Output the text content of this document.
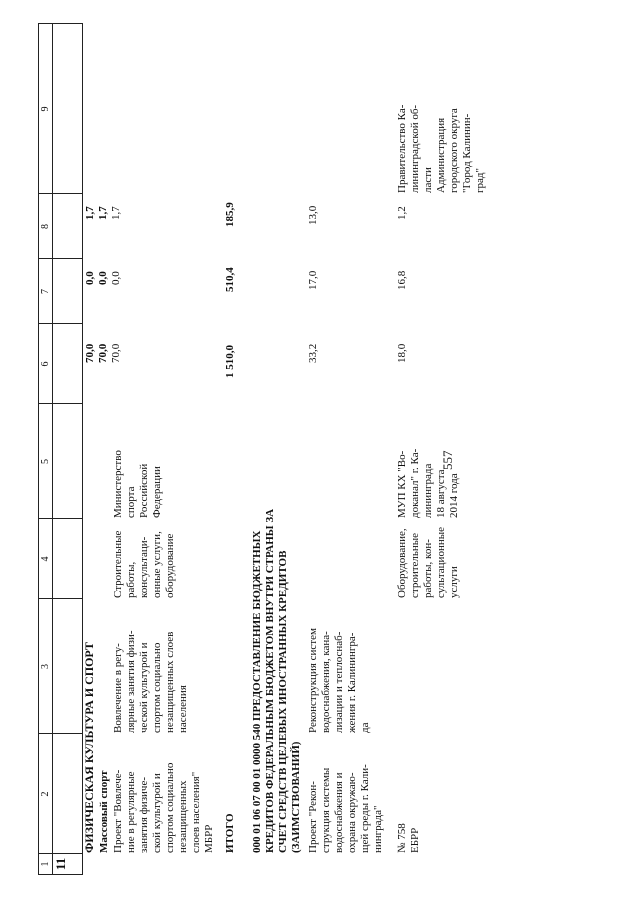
557
1
2
3
4
5
6
7
8
9
11
ФИЗИЧЕСКАЯ КУЛЬТУРА И СПОРТ Массовый спорт Проект "Вовлече- ние в регулярные занятия физиче- ской культурой и спортом социально незащищенных слоев населения" МБРР
Вовлечение в регу- лярные занятия физи- ческой культурой и спортом социально незащищенных слоев населения
Строительные работы, консультаци- онные услуги, оборудование
Министерство спорта Российской Федерации
70,0 70,0 70,0
0,0 0,0 0,0
1,7 1,7 1,7
ИТОГО
1 510,0
510,4
185,9
000 01 06 07 00 01 0000 540 ПРЕДОСТАВЛЕНИЕ БЮДЖЕТНЫХ КРЕДИТОВ ФЕДЕРАЛЬНЫМ БЮДЖЕТОМ ВНУТРИ СТРАНЫ ЗА СЧЕТ СРЕДСТВ ЦЕЛЕВЫХ ИНОСТРАННЫХ КРЕДИТОВ (ЗАИМСТВОВАНИЙ) Проект "Рекон- струкция системы водоснабжения и охрана окружаю- щей среды г. Кали- нинграда"
Реконструкция систем водоснабжения, кана- лизации и теплоснаб- жения г. Калинингра- да
33,2
17,0
13,0
№ 758 ЕБРР
Оборудование, строительные работы, кон- сультационные услуги
МУП КХ "Во- доканал" г. Ка- лининграда 18 августа 2014 года
18,0
16,8
1,2
Правительство Ка- лининградской об- ласти Администрация городского округа "Город Калинин- град"
